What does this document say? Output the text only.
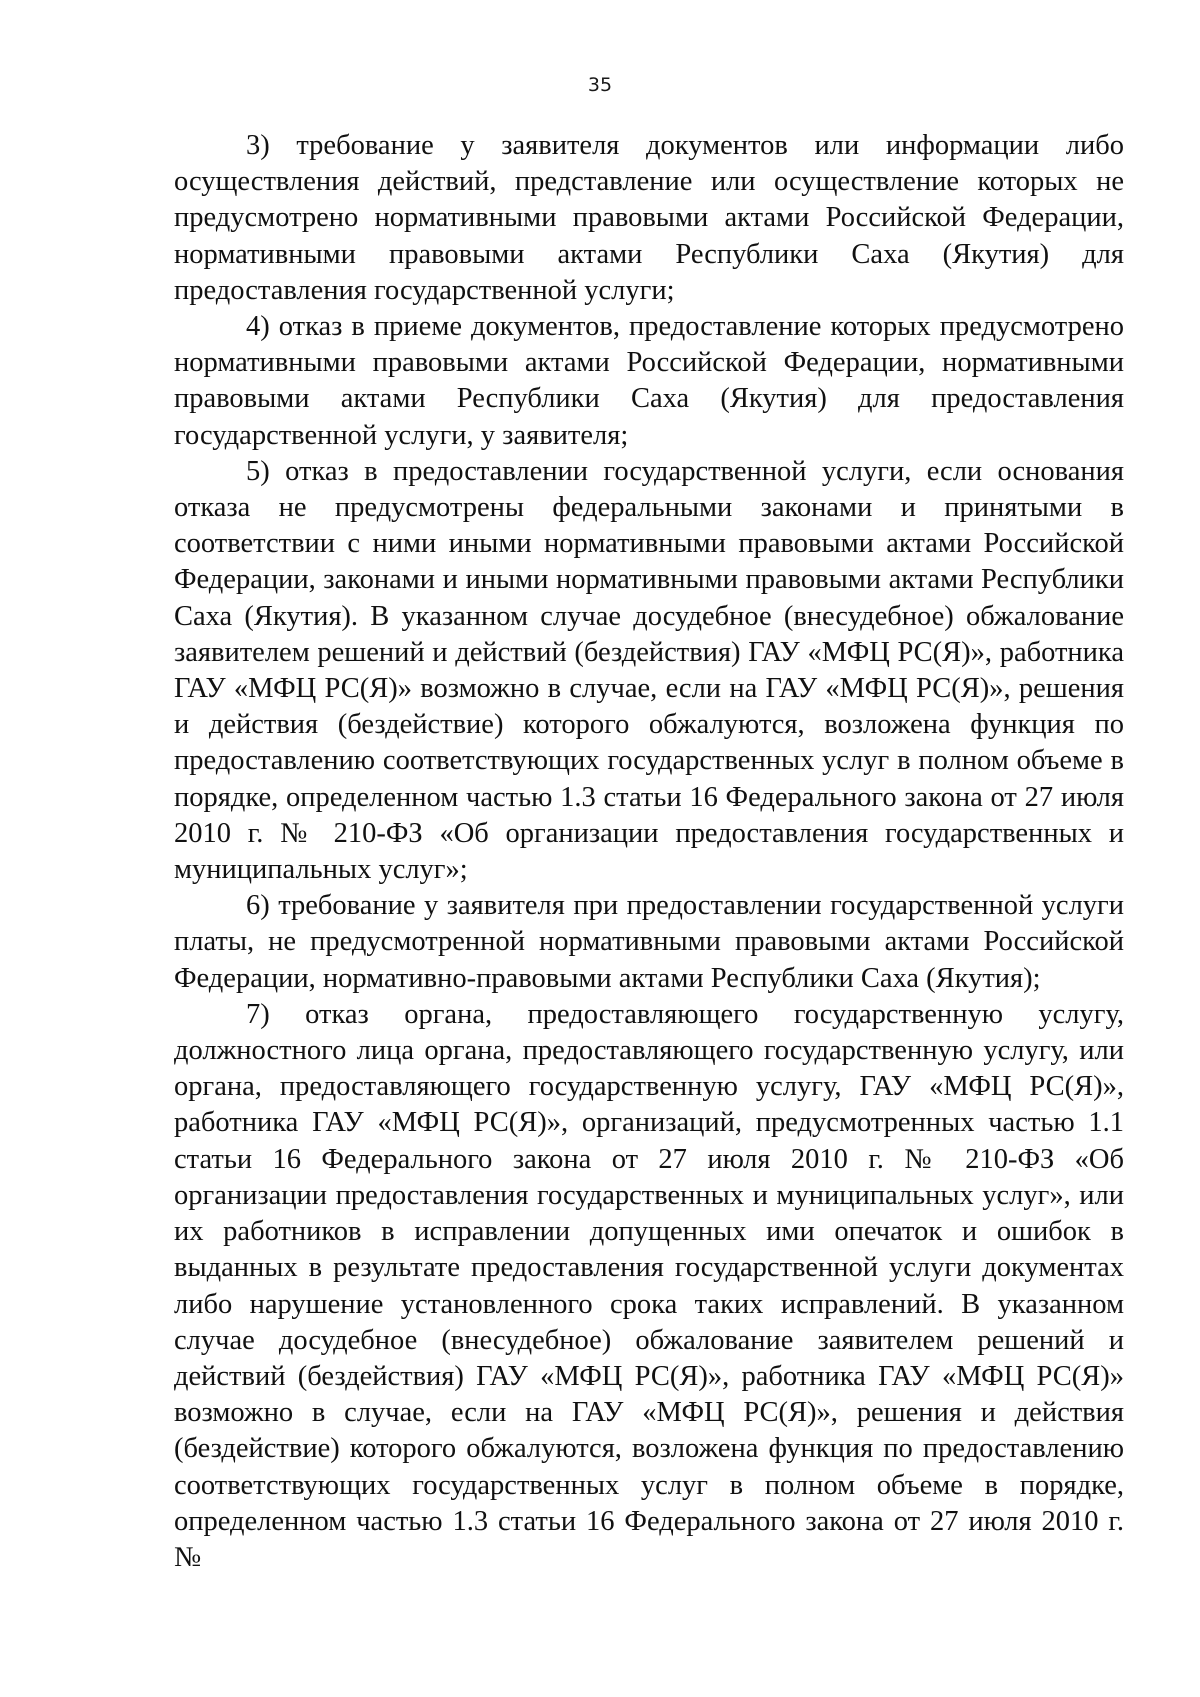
35

3) требование у заявителя документов или информации либо осуществления действий, представление или осуществление которых не предусмотрено нормативными правовыми актами Российской Федерации, нормативными правовыми актами Республики Саха (Якутия) для предоставления государственной услуги;

4) отказ в приеме документов, предоставление которых предусмотрено нормативными правовыми актами Российской Федерации, нормативными правовыми актами Республики Саха (Якутия) для предоставления государственной услуги, у заявителя;

5) отказ в предоставлении государственной услуги, если основания отказа не предусмотрены федеральными законами и принятыми в соответствии с ними иными нормативными правовыми актами Российской Федерации, законами и иными нормативными правовыми актами Республики Саха (Якутия). В указанном случае досудебное (внесудебное) обжалование заявителем решений и действий (бездействия) ГАУ «МФЦ РС(Я)», работника ГАУ «МФЦ РС(Я)» возможно в случае, если на ГАУ «МФЦ РС(Я)», решения и действия (бездействие) которого обжалуются, возложена функция по предоставлению соответствующих государственных услуг в полном объеме в порядке, определенном частью 1.3 статьи 16 Федерального закона от 27 июля 2010 г. № 210-ФЗ «Об организации предоставления государственных и муниципальных услуг»;

6) требование у заявителя при предоставлении государственной услуги платы, не предусмотренной нормативными правовыми актами Российской Федерации, нормативно-правовыми актами Республики Саха (Якутия);

7) отказ органа, предоставляющего государственную услугу, должностного лица органа, предоставляющего государственную услугу, или органа, предоставляющего государственную услугу, ГАУ «МФЦ РС(Я)», работника ГАУ «МФЦ РС(Я)», организаций, предусмотренных частью 1.1 статьи 16 Федерального закона от 27 июля 2010 г. № 210-ФЗ «Об организации предоставления государственных и муниципальных услуг», или их работников в исправлении допущенных ими опечаток и ошибок в выданных в результате предоставления государственной услуги документах либо нарушение установленного срока таких исправлений. В указанном случае досудебное (внесудебное) обжалование заявителем решений и действий (бездействия) ГАУ «МФЦ РС(Я)», работника ГАУ «МФЦ РС(Я)» возможно в случае, если на ГАУ «МФЦ РС(Я)», решения и действия (бездействие) которого обжалуются, возложена функция по предоставлению соответствующих государственных услуг в полном объеме в порядке, определенном частью 1.3 статьи 16 Федерального закона от 27 июля 2010 г. №
